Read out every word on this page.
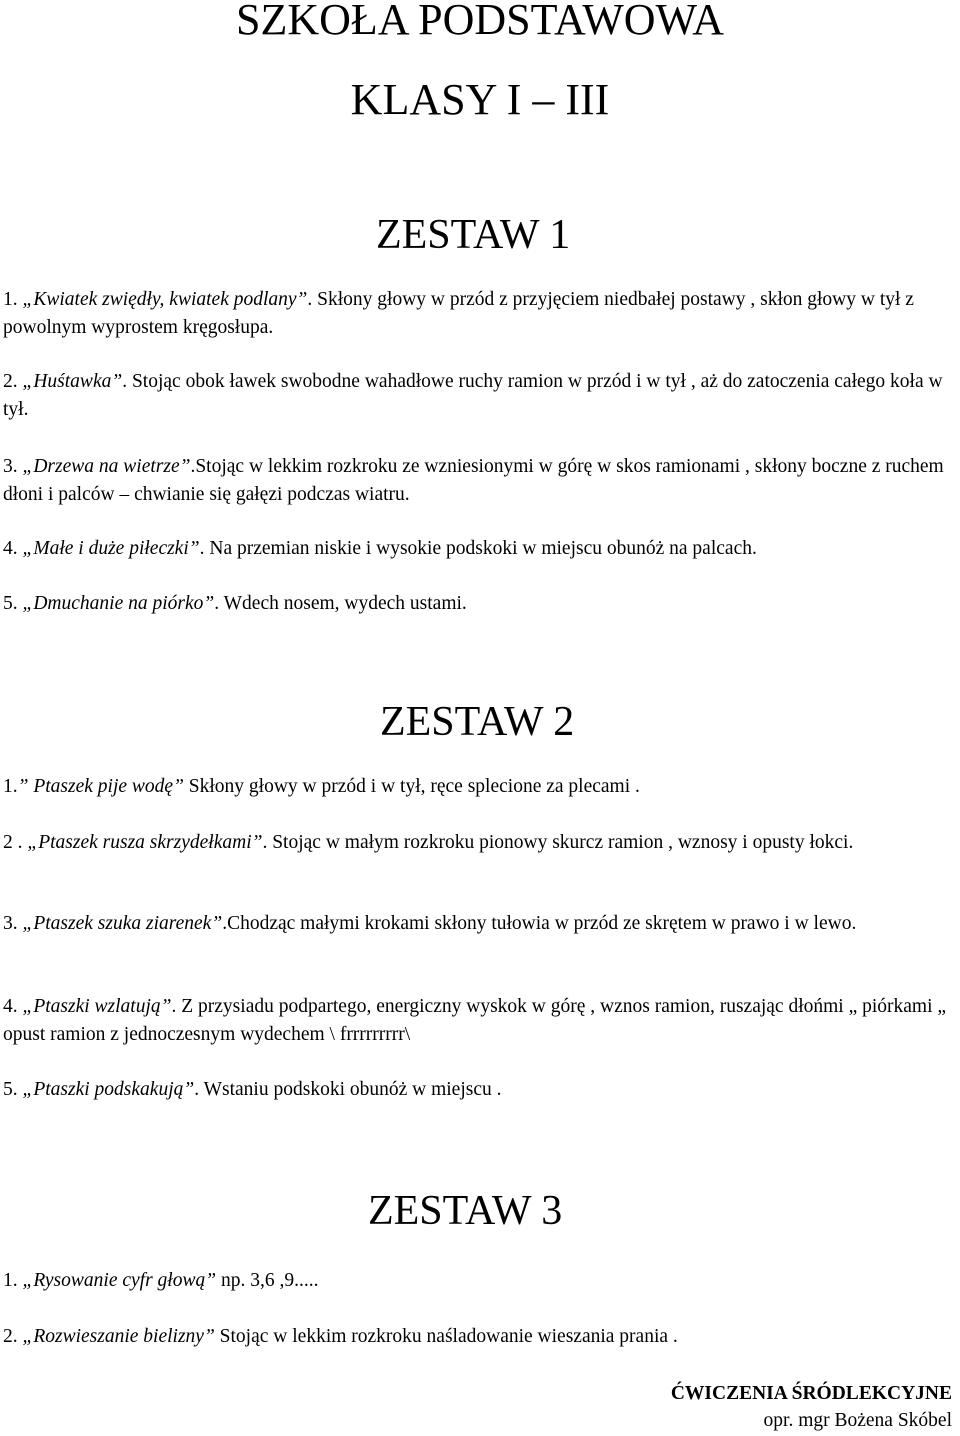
SZKOŁA PODSTAWOWA
KLASY I – III
ZESTAW 1

1. „Kwiatek zwiędły, kwiatek podlany”. Skłony głowy w przód z przyjęciem niedbałej postawy , skłon głowy w tył z powolnym wyprostem kręgosłupa.

2. „Huśtawka”. Stojąc obok ławek swobodne wahadłowe ruchy ramion w przód i w tył , aż do zatoczenia całego koła w tył.

3. „Drzewa na wietrze”.Stojąc w lekkim rozkroku ze wzniesionymi w górę w skos ramionami , skłony boczne z ruchem dłoni i palców – chwianie się gałęzi podczas wiatru.

4. „Małe i duże piłeczki”. Na przemian niskie i wysokie podskoki w miejscu obunóż na palcach.

5. „Dmuchanie na piórko”. Wdech nosem, wydech ustami.

ZESTAW 2

1.” Ptaszek pije wodę” Skłony głowy w przód i w tył, ręce splecione za plecami .

2 . „Ptaszek rusza skrzydełkami”. Stojąc w małym rozkroku pionowy skurcz ramion , wznosy i opusty łokci.

3. „Ptaszek szuka ziarenek”.Chodząc małymi krokami skłony tułowia w przód ze skrętem w prawo i w lewo.

4. „Ptaszki wzlatują”. Z przysiadu podpartego, energiczny wyskok w górę , wznos ramion, ruszając dłońmi „ piórkami „ opust ramion z jednoczesnym wydechem \ frrrrrrrrr\

5. „Ptaszki podskakują”. Wstaniu podskoki obunóż w miejscu .

ZESTAW 3

1. „Rysowanie cyfr głową” np. 3,6 ,9.....

2. „Rozwieszanie bielizny” Stojąc w lekkim rozkroku naśladowanie wieszania prania .

ĆWICZENIA ŚRÓDLEKCYJNE

opr. mgr Bożena Skóbel
